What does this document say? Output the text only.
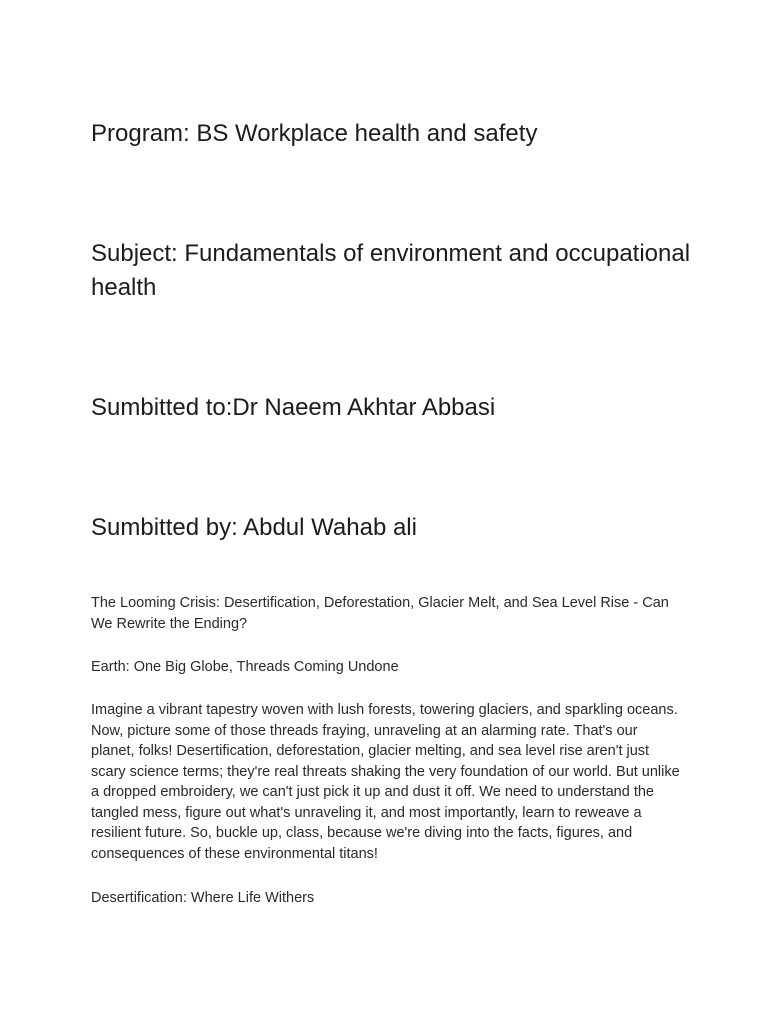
Program: BS Workplace health and safety
Subject: Fundamentals of environment and occupational health
Sumbitted to:Dr Naeem Akhtar Abbasi
Sumbitted by: Abdul Wahab ali

The Looming Crisis: Desertification, Deforestation, Glacier Melt, and Sea Level Rise - Can We Rewrite the Ending?

Earth: One Big Globe, Threads Coming Undone

Imagine a vibrant tapestry woven with lush forests, towering glaciers, and sparkling oceans. Now, picture some of those threads fraying, unraveling at an alarming rate. That's our planet, folks! Desertification, deforestation, glacier melting, and sea level rise aren't just scary science terms; they're real threats shaking the very foundation of our world. But unlike a dropped embroidery, we can't just pick it up and dust it off. We need to understand the tangled mess, figure out what's unraveling it, and most importantly, learn to reweave a resilient future. So, buckle up, class, because we're diving into the facts, figures, and consequences of these environmental titans!

Desertification: Where Life Withers
